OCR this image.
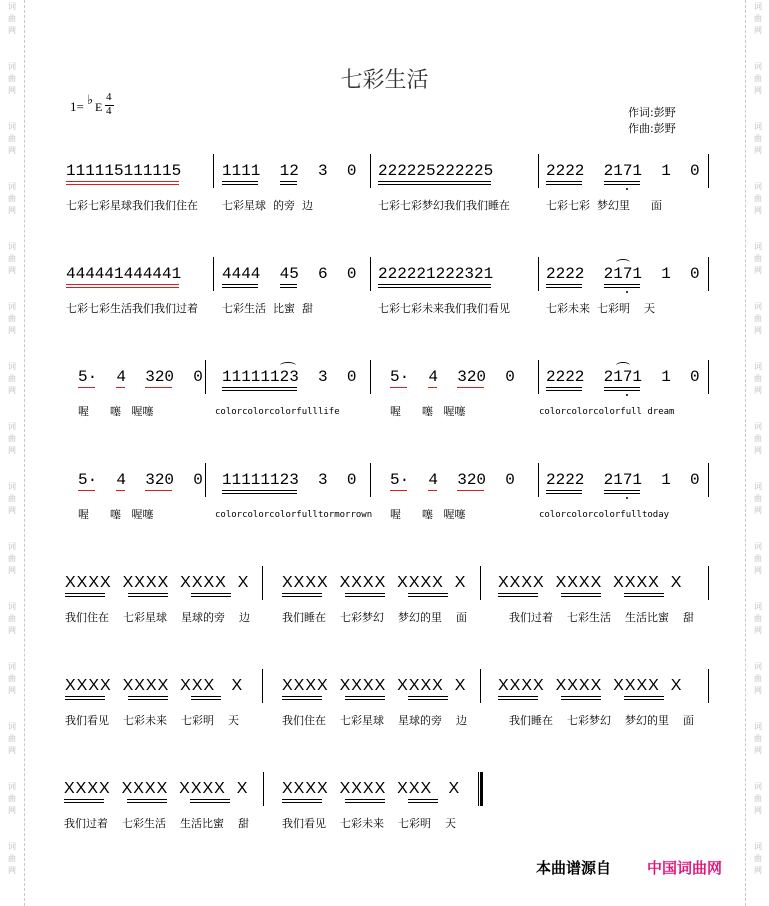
词
曲
网
词
曲
网
词
曲
网
词
曲
网
词
曲
网
词
曲
网
词
曲
网
词
曲
网
词
曲
网
词
曲
网
词
曲
网
词
曲
网
词
曲
网
词
曲
网
词
曲
网
词
曲
网
词
曲
网
词
曲
网
词
曲
网
词
曲
网
词
曲
网
词
曲
网
词
曲
网
词
曲
网
词
曲
网
词
曲
网
词
曲
网
词
曲
网
词
曲
网
词
曲
网
七彩生活
1= ♭ E
4
4	作词:彭野
作曲:彭野
111115111115
七彩七彩星球我们我们住在
1111  12  3  0
七彩星球  的旁  边
222225222225
七彩七彩梦幻我们我们睡在
2222  2171  1  0
七彩七彩  梦幻里      面
444441444441
七彩七彩生活我们我们过着
4444  45  6  0
七彩生活  比蜜  甜
222221222321
七彩七彩未来我们我们看见
2222  2171  1  0
七彩未来  七彩明    天
5·  4  320  0
喔      噻   喔噻
11111123  3  0
colorcolorcolorfulllife
5·  4  320  0
喔      噻   喔噻
2222  2171  1  0
colorcolorcolorfull dream
5·  4  320  0
喔      噻   喔噻
11111123  3  0
colorcolorcolorfulltormorrown
5·  4  320  0
喔      噻   喔噻
2222  2171  1  0
colorcolorcolorfulltoday
XXXX  XXXX  XXXX  X
我们住在    七彩星球    星球的旁    边
XXXX  XXXX  XXXX  X
我们睡在    七彩梦幻    梦幻的里    面
XXXX  XXXX  XXXX  X
我们过着    七彩生活    生活比蜜    甜
XXXX  XXXX  XXX   X
我们看见    七彩未来    七彩明    天
XXXX  XXXX  XXXX  X
我们住在    七彩星球    星球的旁    边
XXXX  XXXX  XXXX  X
我们睡在    七彩梦幻    梦幻的里    面
XXXX  XXXX  XXXX  X
我们过着    七彩生活    生活比蜜    甜
XXXX  XXXX  XXX   X
我们看见    七彩未来    七彩明    天
本曲谱源自 中国词曲网
